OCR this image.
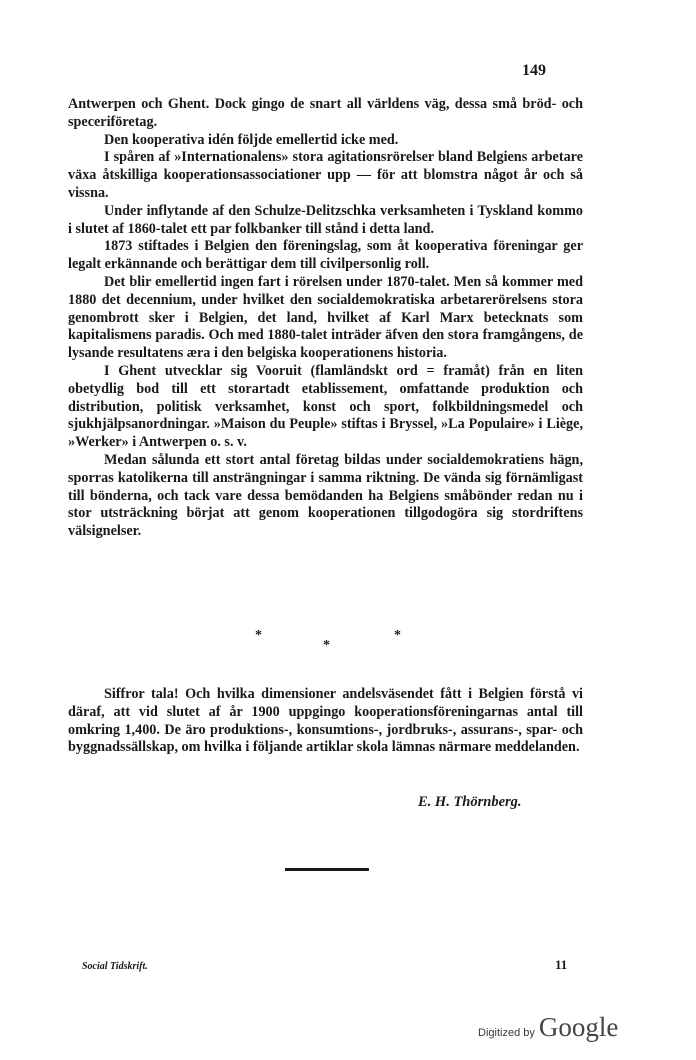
149

Antwerpen och Ghent. Dock gingo de snart all världens väg, dessa små bröd- och speceriföretag.

Den kooperativa idén följde emellertid icke med.

I spåren af »Internationalens» stora agitationsrörelser bland Belgiens arbetare växa åtskilliga kooperationsassociationer upp — för att blomstra något år och så vissna.

Under inflytande af den Schulze-Delitzschka verksamheten i Tyskland kommo i slutet af 1860-talet ett par folkbanker till stånd i detta land.

1873 stiftades i Belgien den föreningslag, som åt kooperativa föreningar ger legalt erkännande och berättigar dem till civilpersonlig roll.

Det blir emellertid ingen fart i rörelsen under 1870-talet. Men så kommer med 1880 det decennium, under hvilket den socialdemokratiska arbetarerörelsens stora genombrott sker i Belgien, det land, hvilket af Karl Marx betecknats som kapitalismens paradis. Och med 1880-talet inträder äfven den stora framgångens, de lysande resultatens æra i den belgiska kooperationens historia.

I Ghent utvecklar sig Vooruit (flamländskt ord = framåt) från en liten obetydlig bod till ett storartadt etablissement, omfattande produktion och distribution, politisk verksamhet, konst och sport, folkbildningsmedel och sjukhjälpsanordningar. »Maison du Peuple» stiftas i Bryssel, »La Populaire» i Liège, »Werker» i Antwerpen o. s. v.

Medan sålunda ett stort antal företag bildas under socialdemokratiens hägn, sporras katolikerna till ansträngningar i samma riktning. De vända sig förnämligast till bönderna, och tack vare dessa bemödanden ha Belgiens småbönder redan nu i stor utsträckning börjat att genom kooperationen tillgodogöra sig stordriftens välsignelser.

*
*
*

Siffror tala! Och hvilka dimensioner andelsväsendet fått i Belgien förstå vi däraf, att vid slutet af år 1900 uppgingo kooperationsföreningarnas antal till omkring 1,400. De äro produktions-, konsumtions-, jordbruks-, assurans-, spar- och byggnadssällskap, om hvilka i följande artiklar skola lämnas närmare meddelanden.

E. H. Thörnberg.
Social Tidskrift.	11
Digitized by Google
